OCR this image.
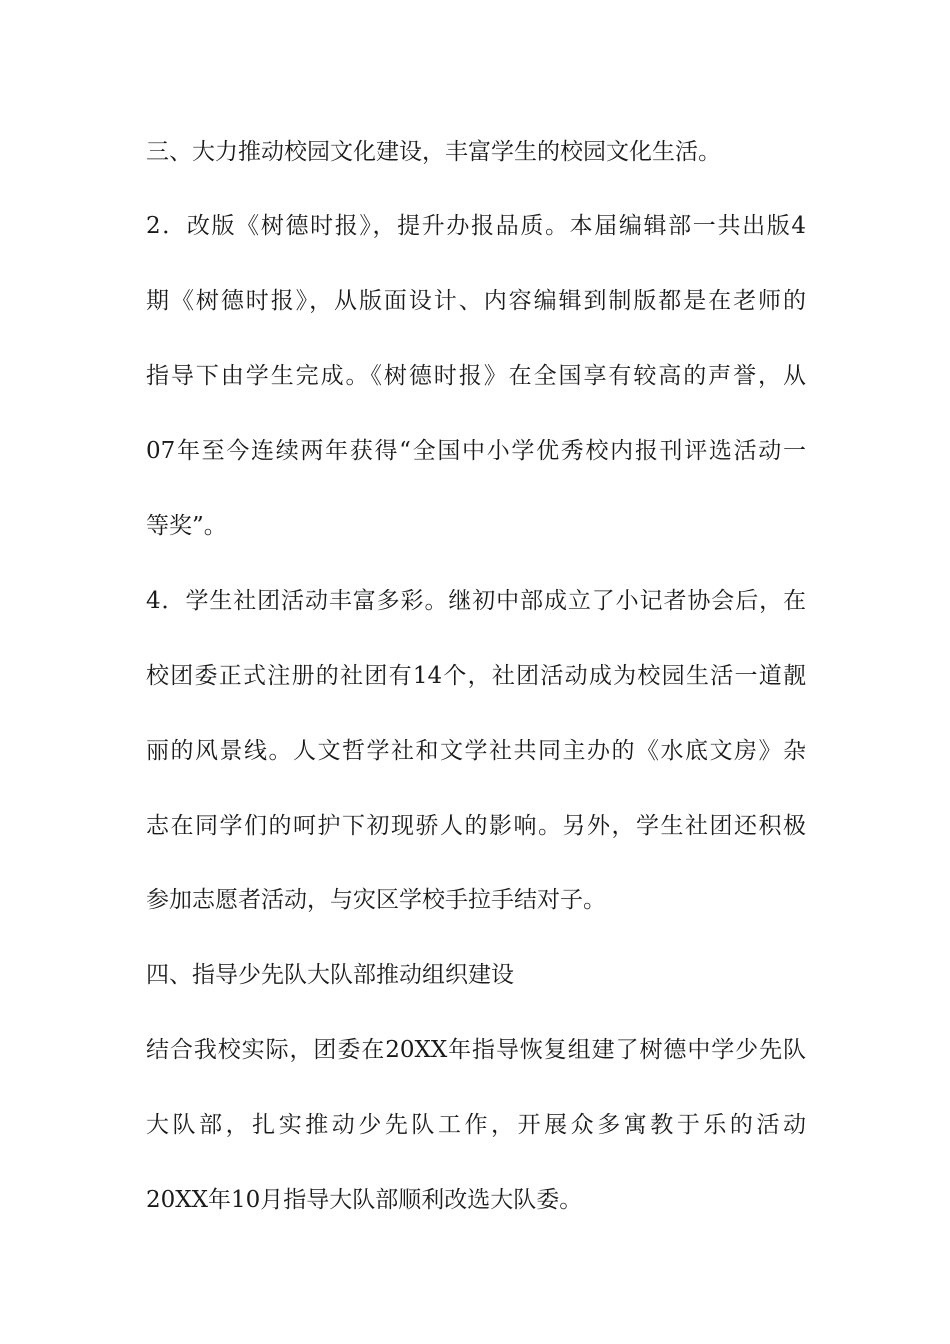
三、大力推动校园文化建设，丰富学生的校园文化生活。
2．改版《树德时报》，提升办报品质。本届编辑部一共出版4
期《树德时报》，从版面设计、内容编辑到制版都是在老师的
指导下由学生完成。《树德时报》在全国享有较高的声誉，从
07年至今连续两年获得“全国中小学优秀校内报刊评选活动一
等奖”。
4．学生社团活动丰富多彩。继初中部成立了小记者协会后，在
校团委正式注册的社团有14个，社团活动成为校园生活一道靓
丽的风景线。人文哲学社和文学社共同主办的《水底文房》杂
志在同学们的呵护下初现骄人的影响。另外，学生社团还积极
参加志愿者活动，与灾区学校手拉手结对子。
四、指导少先队大队部推动组织建设
结合我校实际，团委在20XX年指导恢复组建了树德中学少先队
大队部，扎实推动少先队工作，开展众多寓教于乐的活动
20XX年10月指导大队部顺利改选大队委。
